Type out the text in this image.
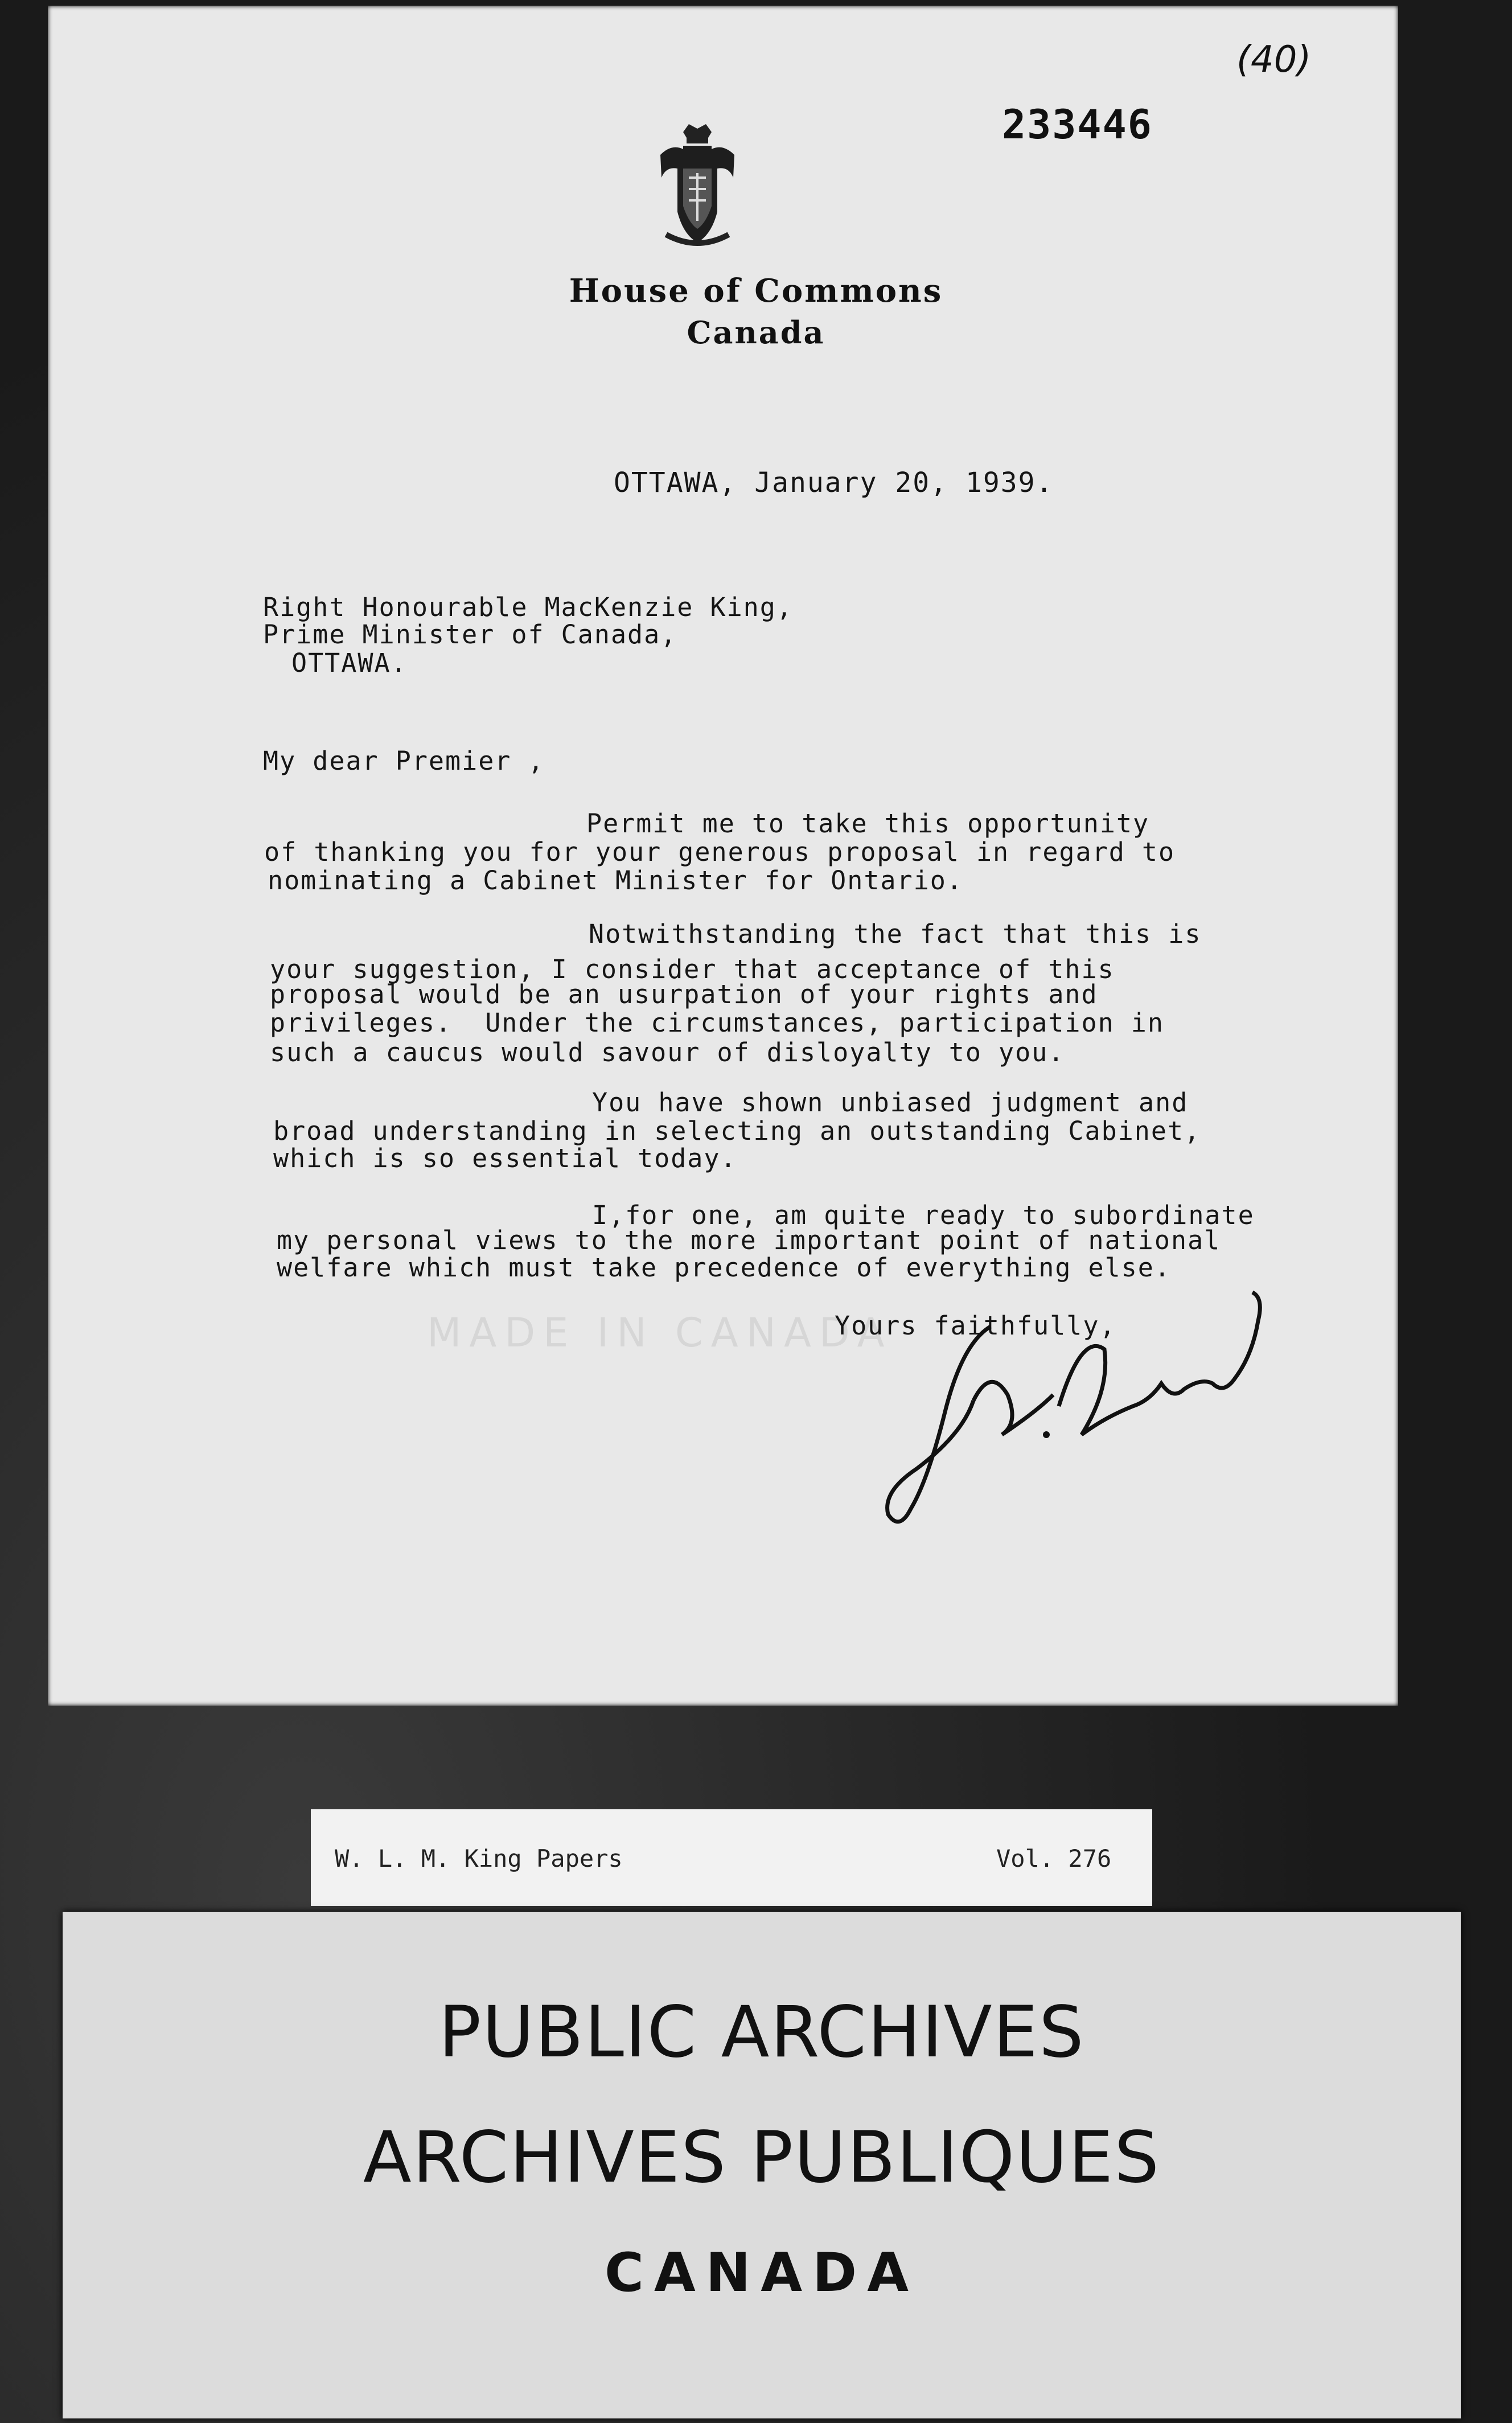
(40)
233446
House of Commons
Canada
OTTAWA, January 20, 1939.
Right Honourable MacKenzie King,
Prime Minister of Canada,
OTTAWA.
My dear Premier ,
Permit me to take this opportunity
of thanking you for your generous proposal in regard to
nominating a Cabinet Minister for Ontario.
Notwithstanding the fact that this is
your suggestion, I consider that acceptance of this
proposal would be an usurpation of your rights and
privileges.  Under the circumstances, participation in
such a caucus would savour of disloyalty to you.
You have shown unbiased judgment and
broad understanding in selecting an outstanding Cabinet,
which is so essential today.
I,for one, am quite ready to subordinate
my personal views to the more important point of national
welfare which must take precedence of everything else.
MADE IN CANADA
Yours faithfully,
W. L. M. King Papers	Vol. 276
PUBLIC ARCHIVES
ARCHIVES PUBLIQUES
CANADA
